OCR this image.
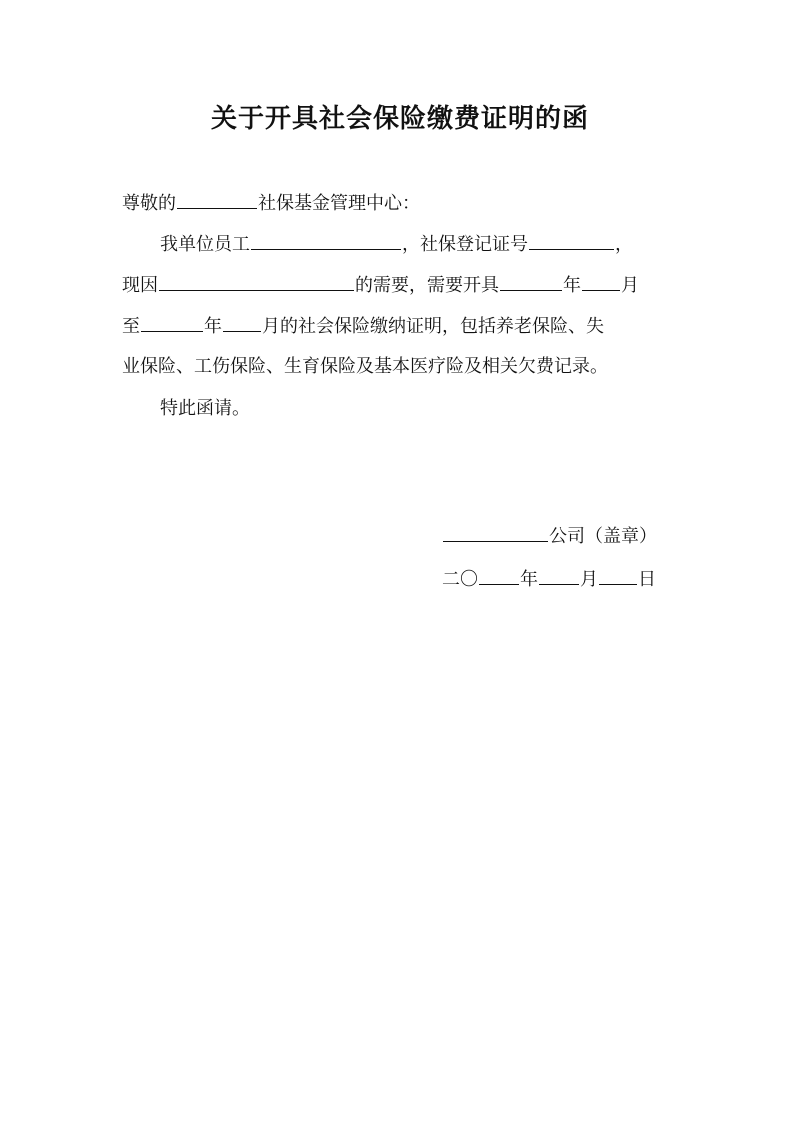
关于开具社会保险缴费证明的函
尊敬的	社保基金管理中心：
我单位员工	，社保登记证号	，
现因	的需要，需要开具	年 月
至	年 月的社会保险缴纳证明，包括养老保险、失
业保险、工伤保险、生育保险及基本医疗险及相关欠费记录。
特此函请。
公司（盖章）
二〇 年 月 日
